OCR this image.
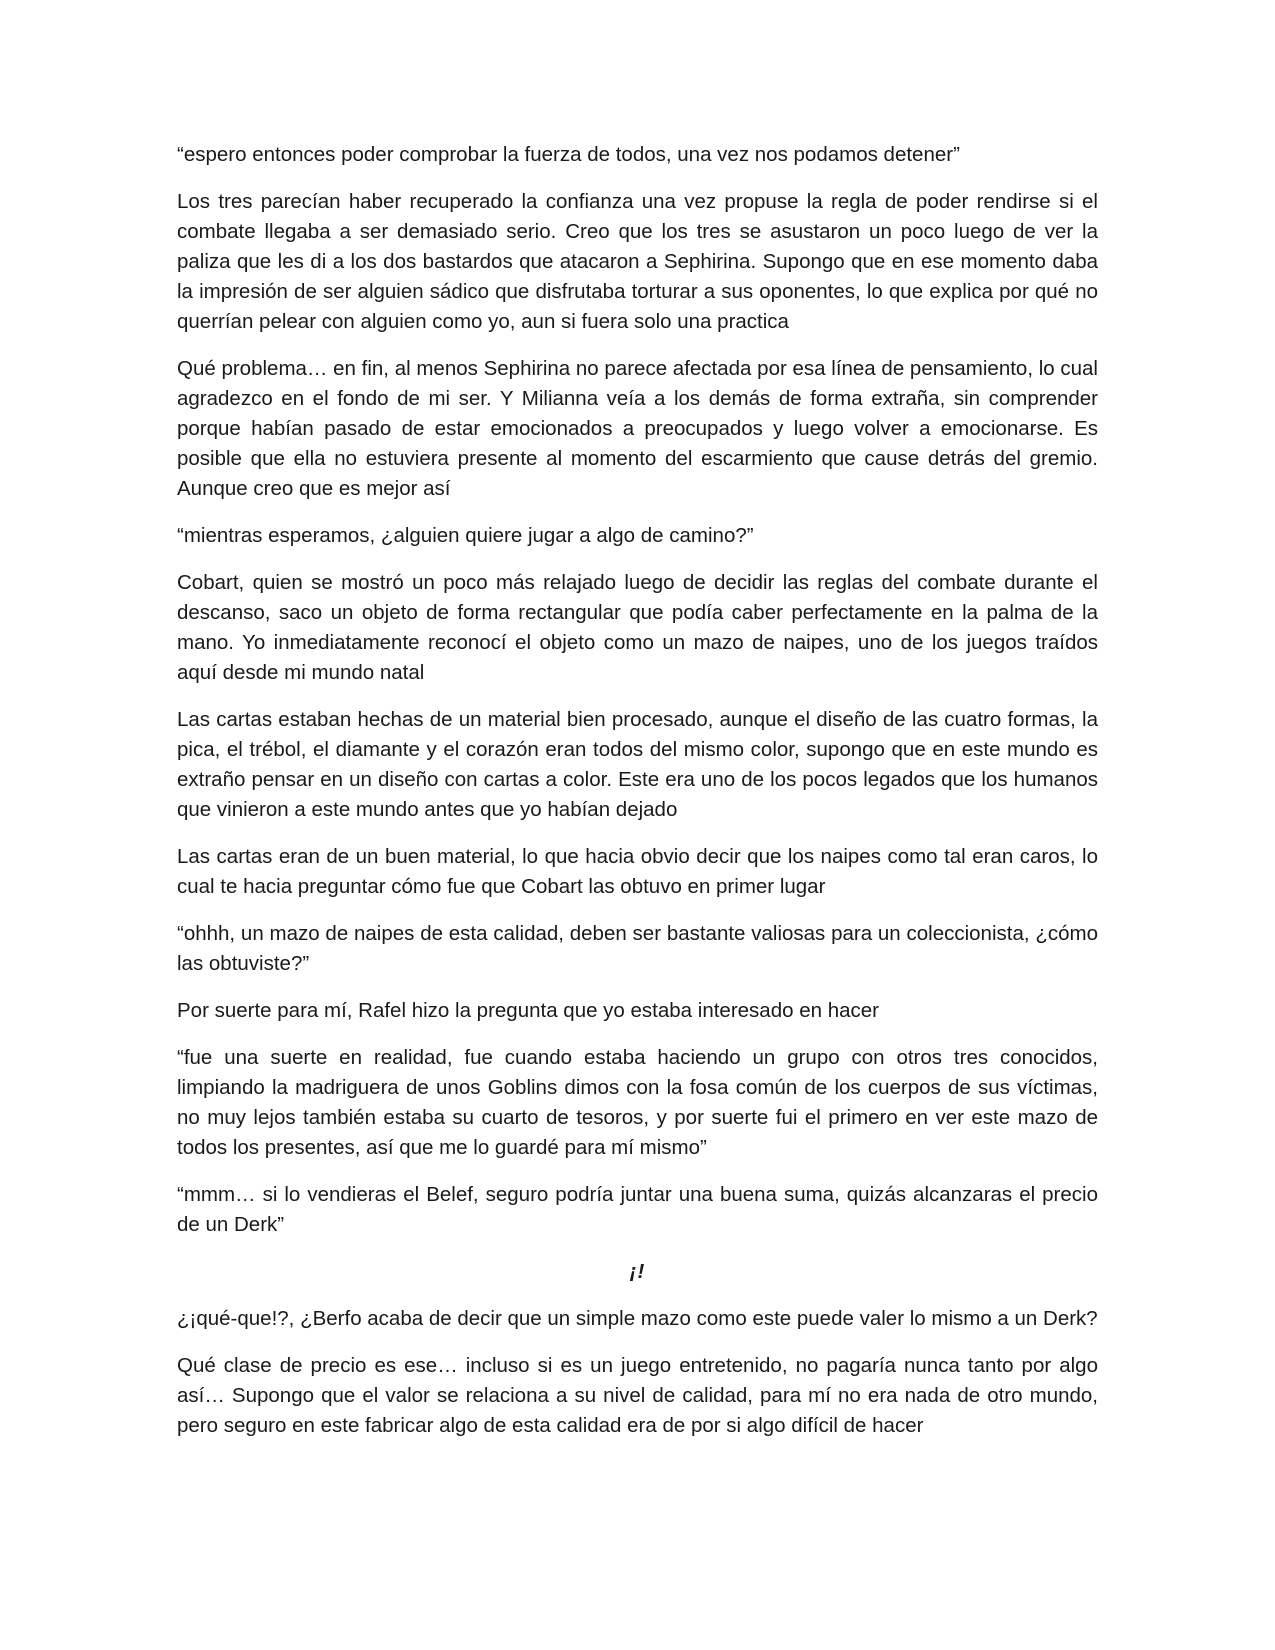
“espero entonces poder comprobar la fuerza de todos, una vez nos podamos detener”

Los tres parecían haber recuperado la confianza una vez propuse la regla de poder rendirse si el combate llegaba a ser demasiado serio. Creo que los tres se asustaron un poco luego de ver la paliza que les di a los dos bastardos que atacaron a Sephirina. Supongo que en ese momento daba la impresión de ser alguien sádico que disfrutaba torturar a sus oponentes, lo que explica por qué no querrían pelear con alguien como yo, aun si fuera solo una practica

Qué problema… en fin, al menos Sephirina no parece afectada por esa línea de pensamiento, lo cual agradezco en el fondo de mi ser. Y Milianna veía a los demás de forma extraña, sin comprender porque habían pasado de estar emocionados a preocupados y luego volver a emocionarse. Es posible que ella no estuviera presente al momento del escarmiento que cause detrás del gremio. Aunque creo que es mejor así

“mientras esperamos, ¿alguien quiere jugar a algo de camino?”

Cobart, quien se mostró un poco más relajado luego de decidir las reglas del combate durante el descanso, saco un objeto de forma rectangular que podía caber perfectamente en la palma de la mano. Yo inmediatamente reconocí el objeto como un mazo de naipes, uno de los juegos traídos aquí desde mi mundo natal

Las cartas estaban hechas de un material bien procesado, aunque el diseño de las cuatro formas, la pica, el trébol, el diamante y el corazón eran todos del mismo color, supongo que en este mundo es extraño pensar en un diseño con cartas a color. Este era uno de los pocos legados que los humanos que vinieron a este mundo antes que yo habían dejado

Las cartas eran de un buen material, lo que hacia obvio decir que los naipes como tal eran caros, lo cual te hacia preguntar cómo fue que Cobart las obtuvo en primer lugar

“ohhh, un mazo de naipes de esta calidad, deben ser bastante valiosas para un coleccionista, ¿cómo las obtuviste?”

Por suerte para mí, Rafel hizo la pregunta que yo estaba interesado en hacer

“fue una suerte en realidad, fue cuando estaba haciendo un grupo con otros tres conocidos, limpiando la madriguera de unos Goblins dimos con la fosa común de los cuerpos de sus víctimas, no muy lejos también estaba su cuarto de tesoros, y por suerte fui el primero en ver este mazo de todos los presentes, así que me lo guardé para mí mismo”

“mmm… si lo vendieras el Belef, seguro podría juntar una buena suma, quizás alcanzaras el precio de un Derk”

¡!

¿¡qué-que!?, ¿Berfo acaba de decir que un simple mazo como este puede valer lo mismo a un Derk?

Qué clase de precio es ese… incluso si es un juego entretenido, no pagaría nunca tanto por algo así… Supongo que el valor se relaciona a su nivel de calidad, para mí no era nada de otro mundo, pero seguro en este fabricar algo de esta calidad era de por si algo difícil de hacer
